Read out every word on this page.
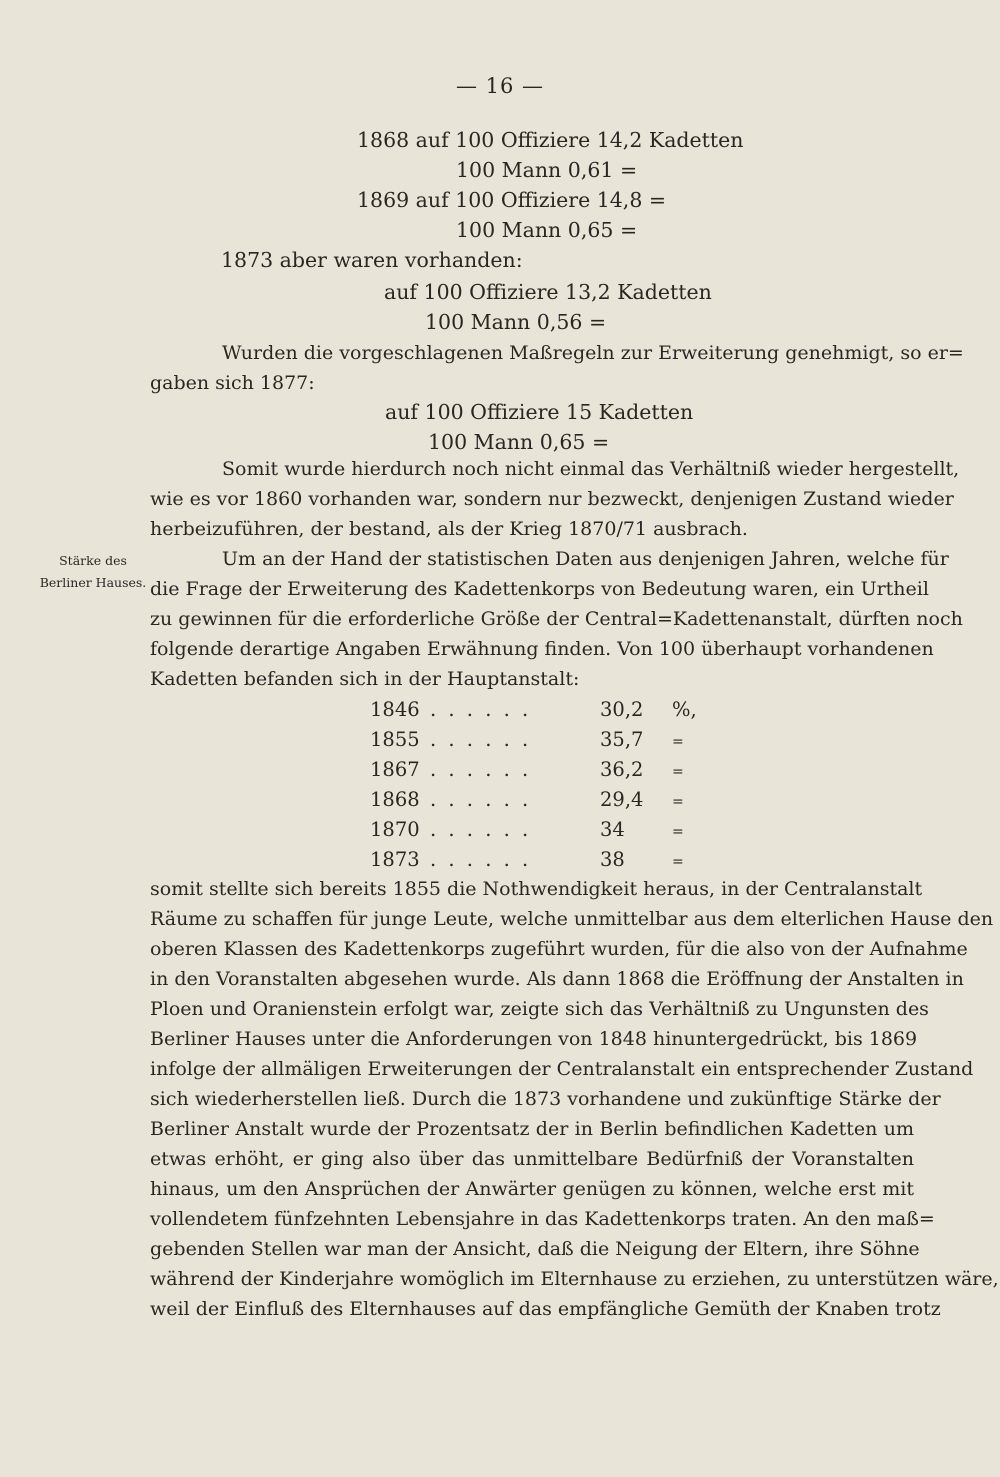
— 16 —
1868 auf 100 Offiziere 14,2 Kadetten
100 Mann 0,61 =
1869 auf 100 Offiziere 14,8 =
100 Mann 0,65 =
1873 aber waren vorhanden:
auf 100 Offiziere 13,2 Kadetten
100 Mann 0,56 =
Wurden die vorgeschlagenen Maßregeln zur Erweiterung genehmigt, so er=
gaben sich 1877:
auf 100 Offiziere 15 Kadetten
100 Mann 0,65 =
Somit wurde hierdurch noch nicht einmal das Verhältniß wieder hergestellt,
wie es vor 1860 vorhanden war, sondern nur bezweckt, denjenigen Zustand wieder
herbeizuführen, der bestand, als der Krieg 1870/71 ausbrach.
Stärke des
Berliner Hauses.
Um an der Hand der statistischen Daten aus denjenigen Jahren, welche für
die Frage der Erweiterung des Kadettenkorps von Bedeutung waren, ein Urtheil
zu gewinnen für die erforderliche Größe der Central=Kadettenanstalt, dürften noch
folgende derartige Angaben Erwähnung finden. Von 100 überhaupt vorhandenen
Kadetten befanden sich in der Hauptanstalt:
1846 . . . . . .	30,2 %,
1855 . . . . . .	35,7 =
1867 . . . . . .	36,2 =
1868 . . . . . .	29,4 =
1870 . . . . . .	34	=
1873 . . . . . .	38	=
somit stellte sich bereits 1855 die Nothwendigkeit heraus, in der Centralanstalt
Räume zu schaffen für junge Leute, welche unmittelbar aus dem elterlichen Hause den
oberen Klassen des Kadettenkorps zugeführt wurden, für die also von der Aufnahme
in den Voranstalten abgesehen wurde. Als dann 1868 die Eröffnung der Anstalten in
Ploen und Oranienstein erfolgt war, zeigte sich das Verhältniß zu Ungunsten des
Berliner Hauses unter die Anforderungen von 1848 hinuntergedrückt, bis 1869
infolge der allmäligen Erweiterungen der Centralanstalt ein entsprechender Zustand
sich wiederherstellen ließ. Durch die 1873 vorhandene und zukünftige Stärke der
Berliner Anstalt wurde der Prozentsatz der in Berlin befindlichen Kadetten um
etwas erhöht, er ging also über das unmittelbare Bedürfniß der Voranstalten
hinaus, um den Ansprüchen der Anwärter genügen zu können, welche erst mit
vollendetem fünfzehnten Lebensjahre in das Kadettenkorps traten. An den maß=
gebenden Stellen war man der Ansicht, daß die Neigung der Eltern, ihre Söhne
während der Kinderjahre womöglich im Elternhause zu erziehen, zu unterstützen wäre,
weil der Einfluß des Elternhauses auf das empfängliche Gemüth der Knaben trotz
